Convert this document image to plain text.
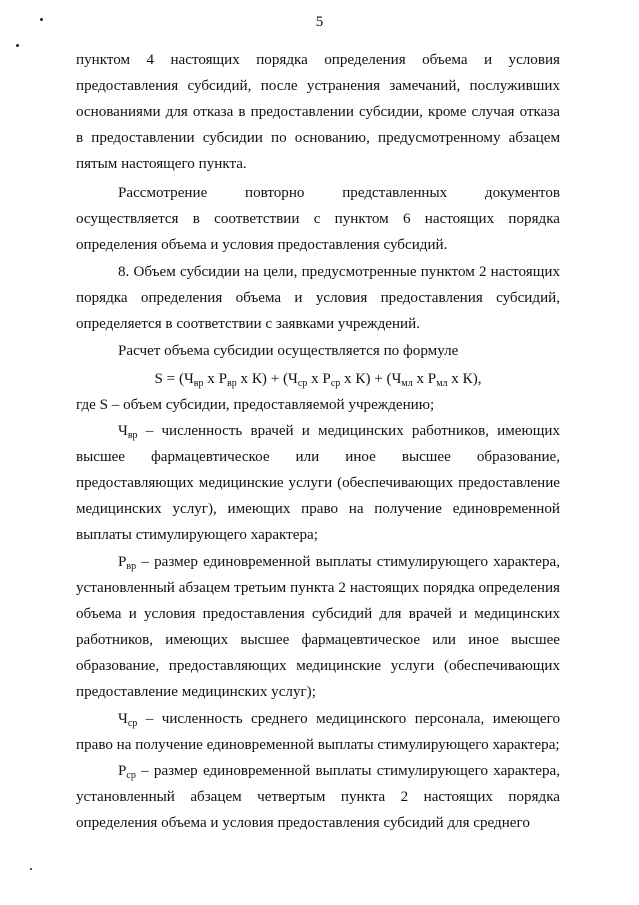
5

пунктом 4 настоящих порядка определения объема и условия предоставления субсидий, после устранения замечаний, послуживших основаниями для отказа в предоставлении субсидии, кроме случая отказа в предоставлении субсидии по основанию, предусмотренному абзацем пятым настоящего пункта.

Рассмотрение повторно представленных документов осуществляется в соответствии с пунктом 6 настоящих порядка определения объема и условия предоставления субсидий.

8. Объем субсидии на цели, предусмотренные пунктом 2 настоящих порядка определения объема и условия предоставления субсидий, определяется в соответствии с заявками учреждений.

Расчет объема субсидии осуществляется по формуле

$S = (Ч_{вр}$ х $Р_{вр}$ х $К) + (Ч_{ср}$ х $Р_{ср}$ х $К) + (Ч_{мл}$ х $Р_{мл}$ х К),

где S – объем субсидии, предоставляемой учреждению;

$Ч_{вр}$ – численность врачей и медицинских работников, имеющих высшее фармацевтическое или иное высшее образование, предоставляющих медицинские услуги (обеспечивающих предоставление медицинских услуг), имеющих право на получение единовременной выплаты стимулирующего характера;

$Р_{вр}$ – размер единовременной выплаты стимулирующего характера, установленный абзацем третьим пункта 2 настоящих порядка определения объема и условия предоставления субсидий для врачей и медицинских работников, имеющих высшее фармацевтическое или иное высшее образование, предоставляющих медицинские услуги (обеспечивающих предоставление медицинских услуг);

$Ч_{ср}$ – численность среднего медицинского персонала, имеющего право на получение единовременной выплаты стимулирующего характера;

$Р_{ср}$ – размер единовременной выплаты стимулирующего характера, установленный абзацем четвертым пункта 2 настоящих порядка определения объема и условия предоставления субсидий для среднего
